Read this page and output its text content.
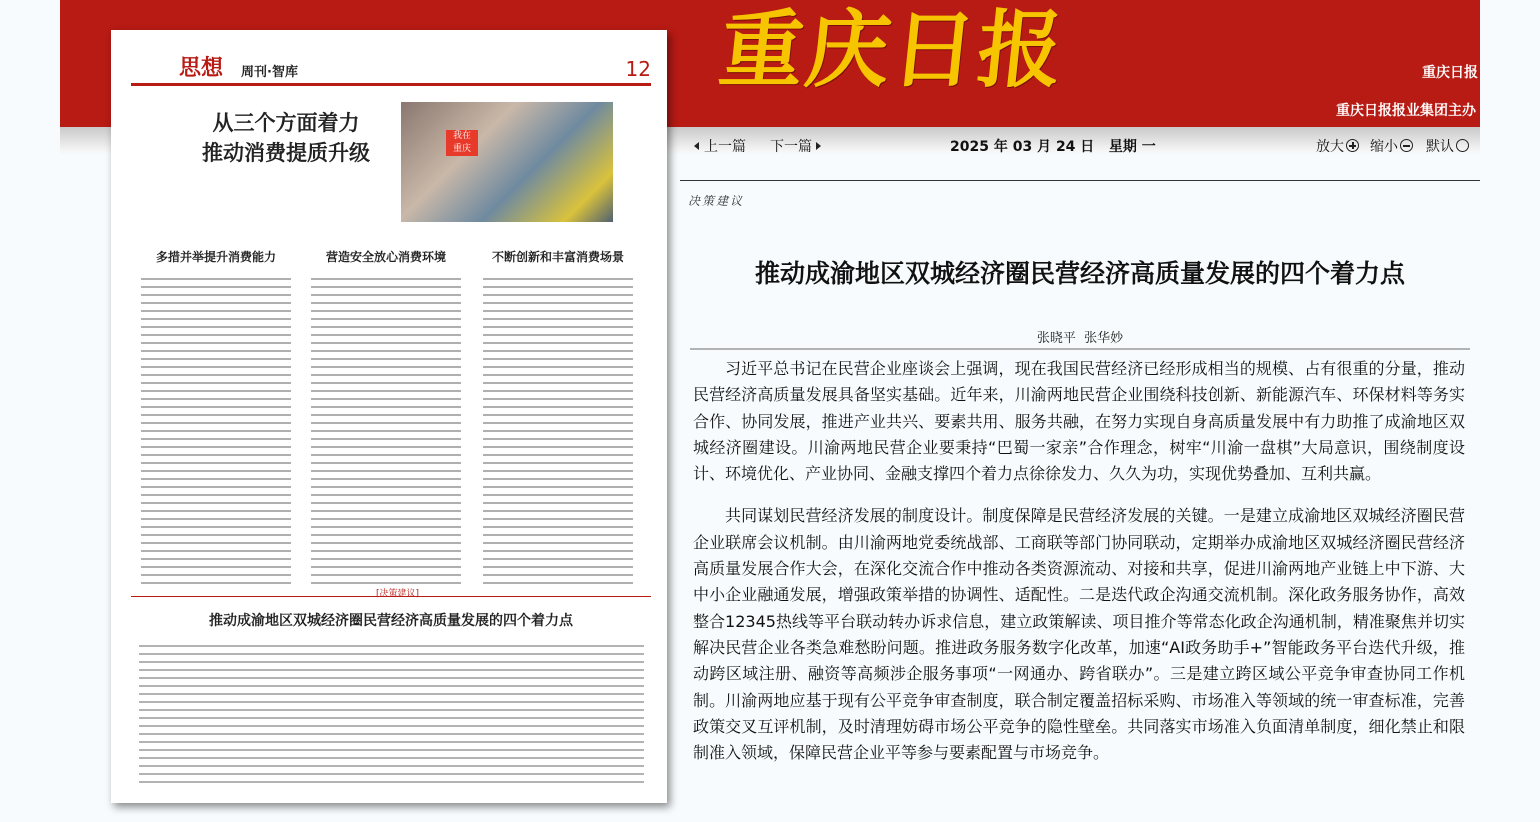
重庆日报	重庆日报
重庆日报报业集团主办
思想 周刊·智库	12
从三个方面着力
推动消费提质升级
我在
重庆
多措并举提升消费能力	营造安全放心消费环境	不断创新和丰富消费场景
[决策建议]
推动成渝地区双城经济圈民营经济高质量发展的四个着力点
上一篇 下一篇	2025 年 03 月 24 日   星期 一	放大	缩小	默认
决策建议
推动成渝地区双城经济圈民营经济高质量发展的四个着力点
张晓平  张华妙

习近平总书记在民营企业座谈会上强调，现在我国民营经济已经形成相当的规模、占有很重的分量，推动民营经济高质量发展具备坚实基础。近年来，川渝两地民营企业围绕科技创新、新能源汽车、环保材料等务实合作、协同发展，推进产业共兴、要素共用、服务共融，在努力实现自身高质量发展中有力助推了成渝地区双城经济圈建设。川渝两地民营企业要秉持“巴蜀一家亲”合作理念，树牢“川渝一盘棋”大局意识，围绕制度设计、环境优化、产业协同、金融支撑四个着力点徐徐发力、久久为功，实现优势叠加、互利共赢。

共同谋划民营经济发展的制度设计。制度保障是民营经济发展的关键。一是建立成渝地区双城经济圈民营企业联席会议机制。由川渝两地党委统战部、工商联等部门协同联动，定期举办成渝地区双城经济圈民营经济高质量发展合作大会，在深化交流合作中推动各类资源流动、对接和共享，促进川渝两地产业链上中下游、大中小企业融通发展，增强政策举措的协调性、适配性。二是迭代政企沟通交流机制。深化政务服务协作，高效整合12345热线等平台联动转办诉求信息，建立政策解读、项目推介等常态化政企沟通机制，精准聚焦并切实解决民营企业各类急难愁盼问题。推进政务服务数字化改革，加速“AI政务助手+”智能政务平台迭代升级，推动跨区域注册、融资等高频涉企服务事项“一网通办、跨省联办”。三是建立跨区域公平竞争审查协同工作机制。川渝两地应基于现有公平竞争审查制度，联合制定覆盖招标采购、市场准入等领域的统一审查标准，完善政策交叉互评机制，及时清理妨碍市场公平竞争的隐性壁垒。共同落实市场准入负面清单制度，细化禁止和限制准入领域，保障民营企业平等参与要素配置与市场竞争。
